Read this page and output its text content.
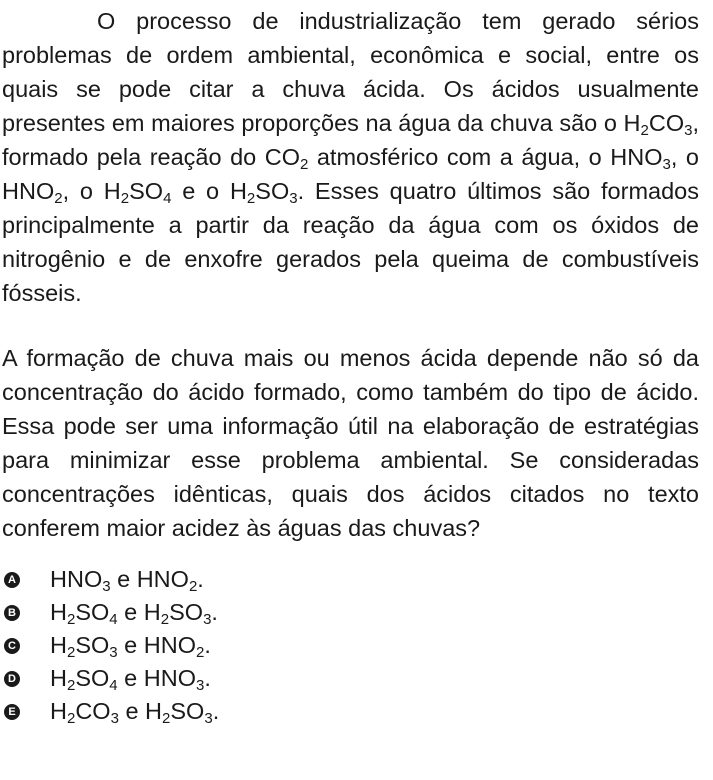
O processo de industrialização tem gerado sérios problemas de ordem ambiental, econômica e social, entre os quais se pode citar a chuva ácida. Os ácidos usualmente presentes em maiores proporções na água da chuva são o $H_2CO_3$, formado pela reação do $CO_2$ atmosférico com a água, o $HNO_3$, o $HNO_2$, o $H_2SO_4$ e o $H_2SO_3$. Esses quatro últimos são formados principalmente a partir da reação da água com os óxidos de nitrogênio e de enxofre gerados pela queima de combustíveis fósseis.

A formação de chuva mais ou menos ácida depende não só da concentração do ácido formado, como também do tipo de ácido. Essa pode ser uma informação útil na elaboração de estratégias para minimizar esse problema ambiental. Se consideradas concentrações idênticas, quais dos ácidos citados no texto conferem maior acidez às águas das chuvas?

A $HNO_3$ e $HNO_2$.
B $H_2SO_4$ e $H_2SO_3$.
C $H_2SO_3$ e $HNO_2$.
D $H_2SO_4$ e $HNO_3$.
E $H_2CO_3$ e $H_2SO_3$.
